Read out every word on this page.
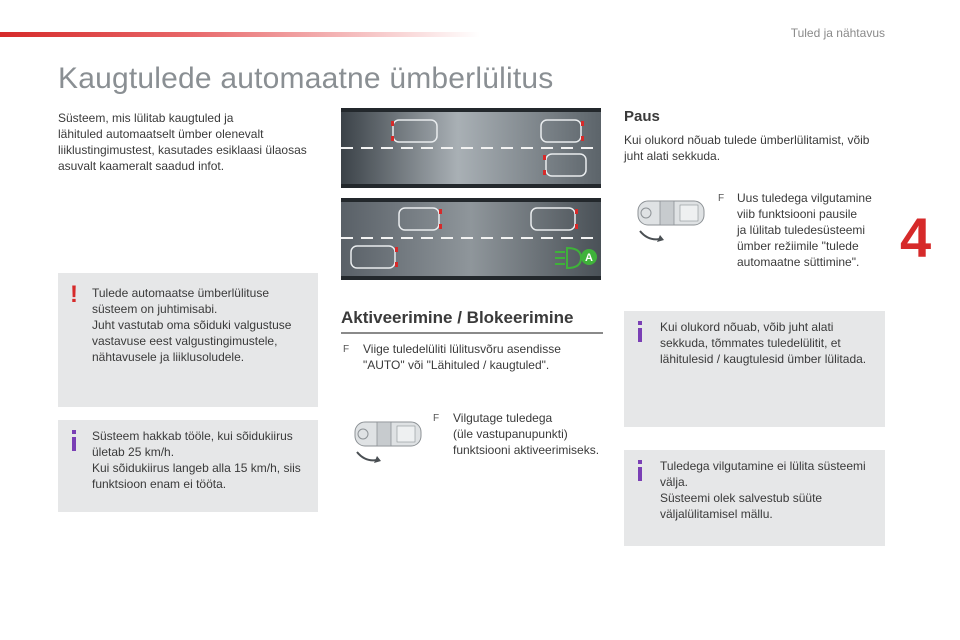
Tuled ja nähtavus
4
Kaugtulede automaatne ümberlülitus
Süsteem, mis lülitab kaugtuled ja
lähituled automaatselt ümber olenevalt
liiklustingimustest, kasutades esiklaasi ülaosas
asuvalt kaameralt saadud infot.
! Tulede automaatse ümberlülituse
süsteem on juhtimisabi.
Juht vastutab oma sõiduki valgustuse
vastavuse eest valgustingimustele,
nähtavusele ja liiklusoludele.
Süsteem hakkab tööle, kui sõidukiirus
ületab 25 km/h.
Kui sõidukiirus langeb alla 15 km/h, siis
funktsioon enam ei tööta.
A
Aktiveerimine / Blokeerimine
F Viige tuledelüliti lülitusvõru asendisse
"AUTO" või "Lähituled / kaugtuled".
F Vilgutage tuledega
(üle vastupanupunkti)
funktsiooni aktiveerimiseks.
Paus
Kui olukord nõuab tulede ümberlülitamist, võib
juht alati sekkuda.
F Uus tuledega vilgutamine
viib funktsiooni pausile
ja lülitab tuledesüsteemi
ümber režiimile "tulede
automaatne süttimine".
Kui olukord nõuab, võib juht alati
sekkuda, tõmmates tuledelülitit, et
lähitulesid / kaugtulesid ümber lülitada.
Tuledega vilgutamine ei lülita süsteemi
välja.
Süsteemi olek salvestub süüte
väljalülitamisel mällu.
